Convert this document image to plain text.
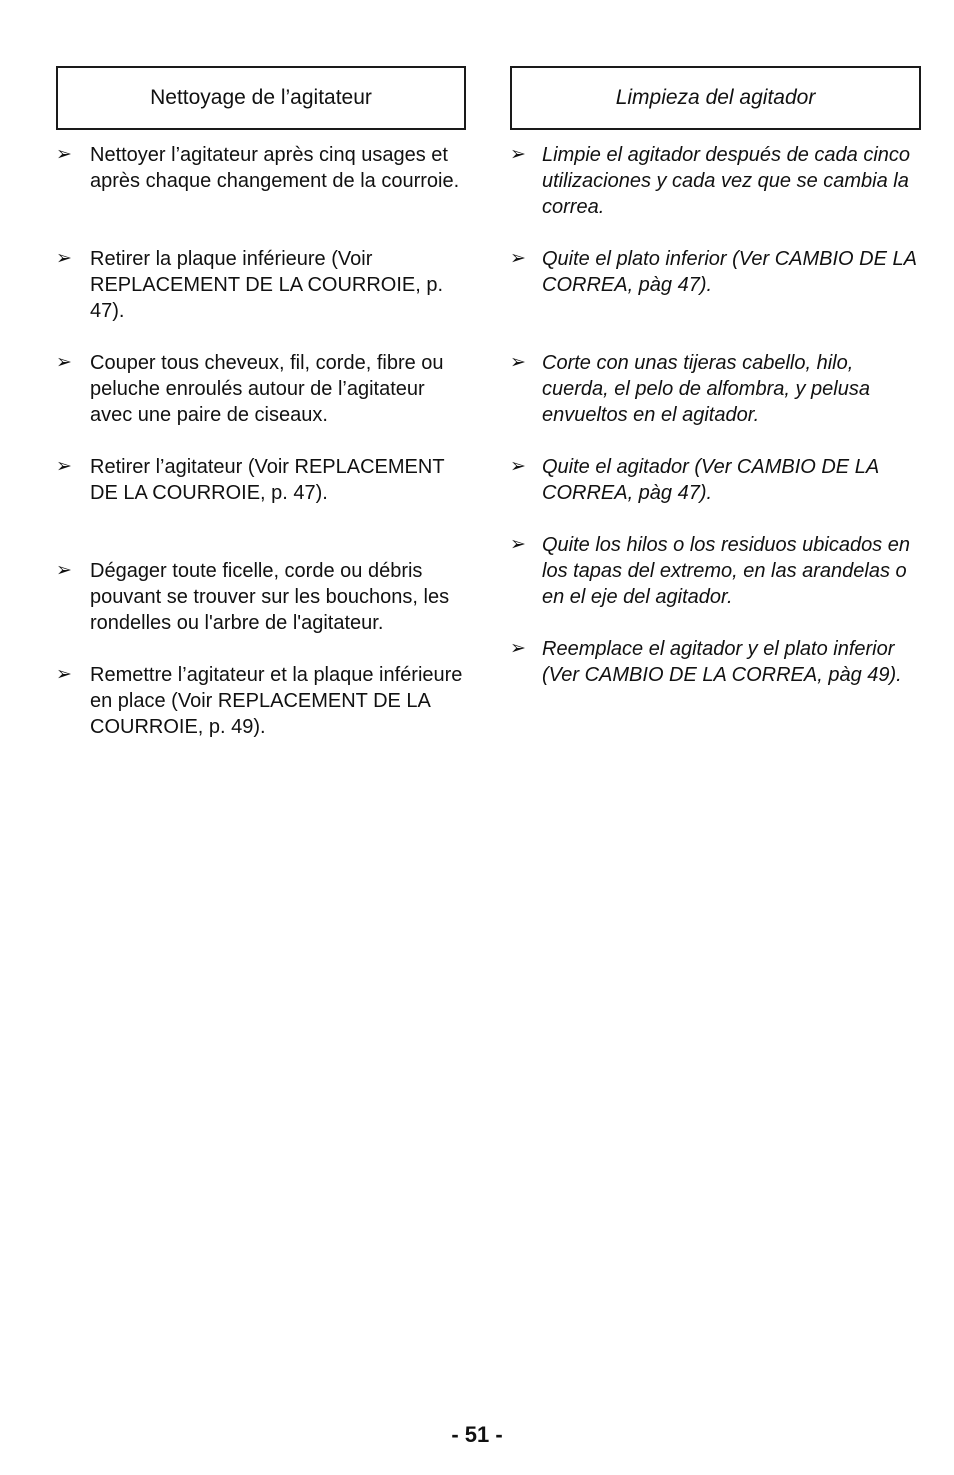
Nettoyage de l’agitateur
➢ Nettoyer l’agitateur après cinq usages et après chaque changement de la courroie.
➢ Retirer la plaque inférieure (Voir REPLACEMENT DE LA COURROIE, p. 47).
➢ Couper tous cheveux, fil, corde, fibre ou peluche enroulés autour de l’agitateur avec une paire de ciseaux.
➢ Retirer l’agitateur (Voir REPLACEMENT DE LA COURROIE, p. 47).
➢ Dégager toute ficelle, corde ou débris pouvant se trouver sur les bouchons, les rondelles ou l'arbre de l'agitateur.
➢ Remettre l’agitateur et la plaque inférieure en place (Voir REPLACEMENT DE LA COURROIE, p. 49).
Limpieza del agitador
➢ Limpie el agitador después de cada cinco utilizaciones y cada vez que se cambia la correa.
➢ Quite el plato inferior (Ver CAMBIO DE LA CORREA, pàg 47).
➢ Corte con unas tijeras cabello, hilo, cuerda, el pelo de alfombra, y pelusa envueltos en el agitador.
➢ Quite el agitador (Ver CAMBIO DE LA CORREA, pàg 47).
➢ Quite los hilos o los residuos ubicados en los tapas del extremo, en las arandelas o en el eje del agitador.
➢ Reemplace el agitador y el plato inferior (Ver CAMBIO DE LA CORREA, pàg 49).
- 51 -
